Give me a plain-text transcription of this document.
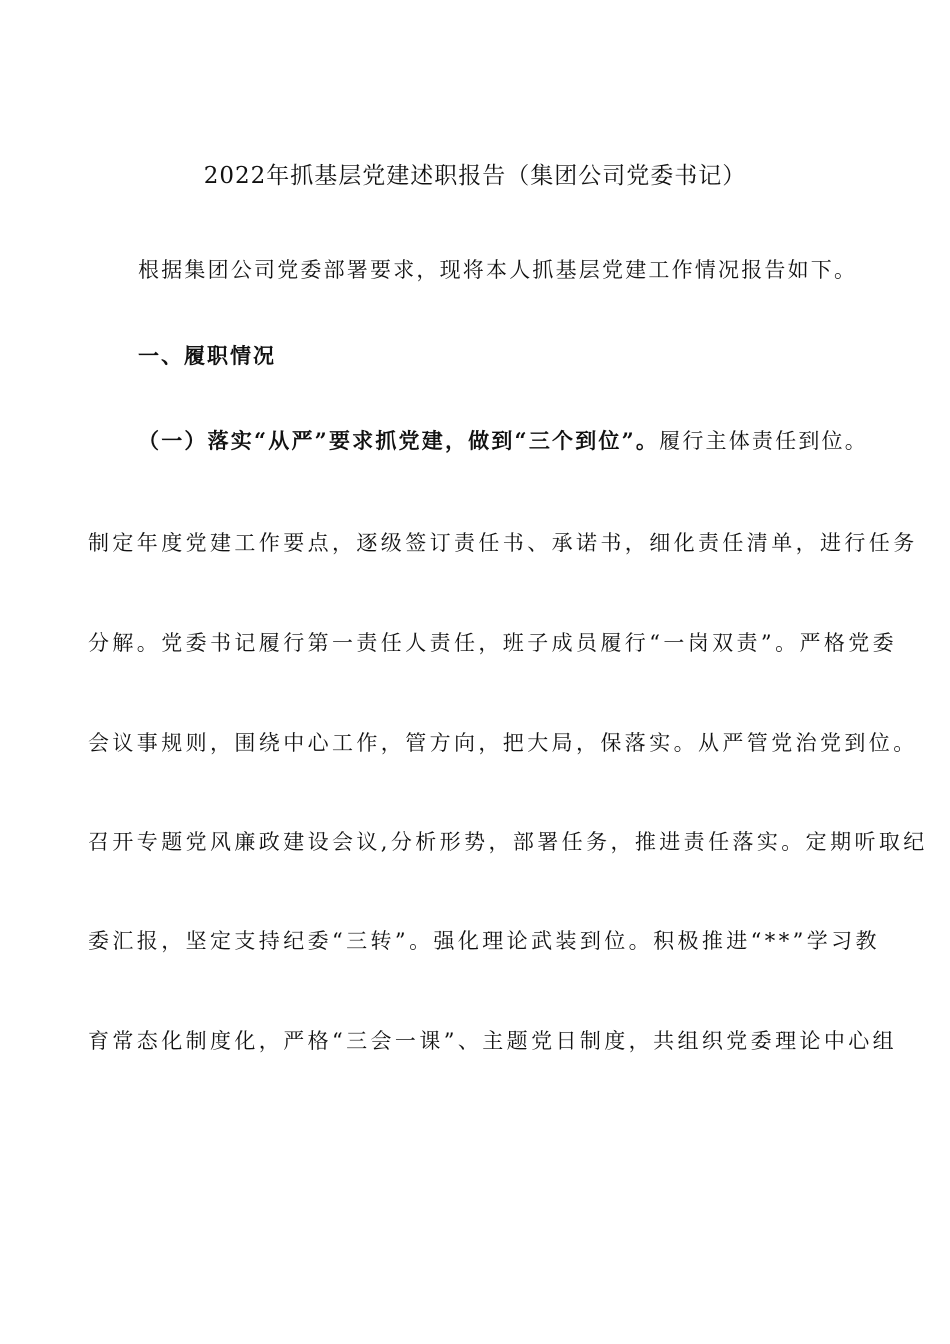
2022年抓基层党建述职报告（集团公司党委书记）
根据集团公司党委部署要求，现将本人抓基层党建工作情况报告如下。
一、履职情况
（一）落实“从严”要求抓党建，做到“三个到位”。履行主体责任到位。
制定年度党建工作要点，逐级签订责任书、承诺书，细化责任清单，进行任务
分解。党委书记履行第一责任人责任，班子成员履行“一岗双责”。严格党委
会议事规则，围绕中心工作，管方向，把大局，保落实。从严管党治党到位。
召开专题党风廉政建设会议,分析形势，部署任务，推进责任落实。定期听取纪
委汇报，坚定支持纪委“三转”。强化理论武装到位。积极推进“**”学习教
育常态化制度化，严格“三会一课”、主题党日制度，共组织党委理论中心组
